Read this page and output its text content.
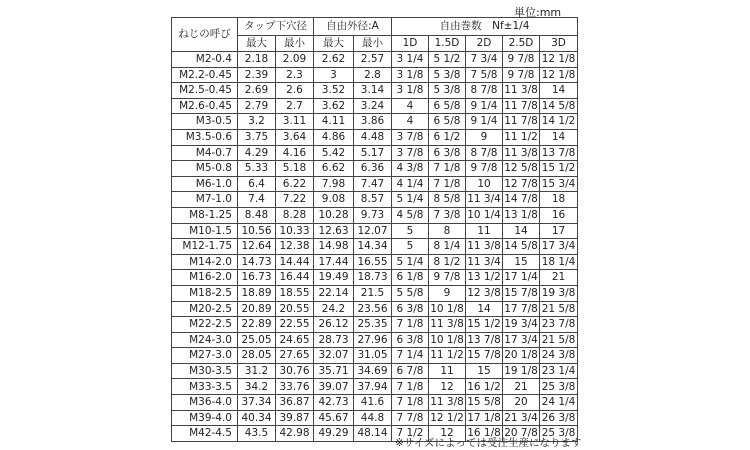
単位:mm
ねじの呼び	タップ下穴径		自由外径:A		自由巻数　Nf±1/4				
	最大	最小	最大	最小	1D	1.5D	2D	2.5D	3D
M2-0.4	2.18	2.09	2.62	2.57	3 1/4	5 1/2	7 3/4	9 7/8	12 1/8
M2.2-0.45	2.39	2.3	3	2.8	3 1/8	5 3/8	7 5/8	9 7/8	12 1/8
M2.5-0.45	2.69	2.6	3.52	3.14	3 1/8	5 3/8	8 7/8	11 3/8	14
M2.6-0.45	2.79	2.7	3.62	3.24	4	6 5/8	9 1/4	11 7/8	14 5/8
M3-0.5	3.2	3.11	4.11	3.86	4	6 5/8	9 1/4	11 7/8	14 1/2
M3.5-0.6	3.75	3.64	4.86	4.48	3 7/8	6 1/2	9	11 1/2	14
M4-0.7	4.29	4.16	5.42	5.17	3 7/8	6 3/8	8 7/8	11 3/8	13 7/8
M5-0.8	5.33	5.18	6.62	6.36	4 3/8	7 1/8	9 7/8	12 5/8	15 1/2
M6-1.0	6.4	6.22	7.98	7.47	4 1/4	7 1/8	10	12 7/8	15 3/4
M7-1.0	7.4	7.22	9.08	8.57	5 1/4	8 5/8	11 3/4	14 7/8	18
M8-1.25	8.48	8.28	10.28	9.73	4 5/8	7 3/8	10 1/4	13 1/8	16
M10-1.5	10.56	10.33	12.63	12.07	5	8	11	14	17
M12-1.75	12.64	12.38	14.98	14.34	5	8 1/4	11 3/8	14 5/8	17 3/4
M14-2.0	14.73	14.44	17.44	16.55	5 1/4	8 1/2	11 3/4	15	18 1/4
M16-2.0	16.73	16.44	19.49	18.73	6 1/8	9 7/8	13 1/2	17 1/4	21
M18-2.5	18.89	18.55	22.14	21.5	5 5/8	9	12 3/8	15 7/8	19 3/8
M20-2.5	20.89	20.55	24.2	23.56	6 3/8	10 1/8	14	17 7/8	21 5/8
M22-2.5	22.89	22.55	26.12	25.35	7 1/8	11 3/8	15 1/2	19 3/4	23 7/8
M24-3.0	25.05	24.65	28.73	27.96	6 3/8	10 1/8	13 7/8	17 3/4	21 5/8
M27-3.0	28.05	27.65	32.07	31.05	7 1/4	11 1/2	15 7/8	20 1/8	24 3/8
M30-3.5	31.2	30.76	35.71	34.69	6 7/8	11	15	19 1/8	23 1/4
M33-3.5	34.2	33.76	39.07	37.94	7 1/8	12	16 1/2	21	25 3/8
M36-4.0	37.34	36.87	42.73	41.6	7 1/8	11 3/8	15 5/8	20	24 1/4
M39-4.0	40.34	39.87	45.67	44.8	7 7/8	12 1/2	17 1/8	21 3/4	26 3/8
M42-4.5	43.5	42.98	49.29	48.14	7 1/2	12	16 1/8	20 7/8	25 3/8
※サイズによっては受注生産になります
